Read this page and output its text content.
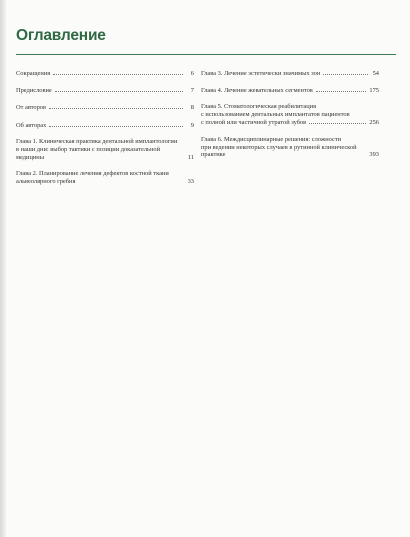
Оглавление
Сокращения	6
Предисловие	7
От авторов	8
Об авторах	9
Глава 1. Клиническая практика дентальной имплантологии
в наши дни: выбор тактики с позиции доказательной
медицины	11
Глава 2. Планирование лечения дефектов костной ткани
альвеолярного гребня	33
Глава 3. Лечение эстетически значимых зон	54
Глава 4. Лечение жевательных сегментов	175
Глава 5. Стоматологическая реабилитация
с использованием дентальных имплантатов пациентов
с полной или частичной утратой зубов	256
Глава 6. Междисциплинарные решения: сложности
при ведении некоторых случаев в рутинной клинической
практике	393
